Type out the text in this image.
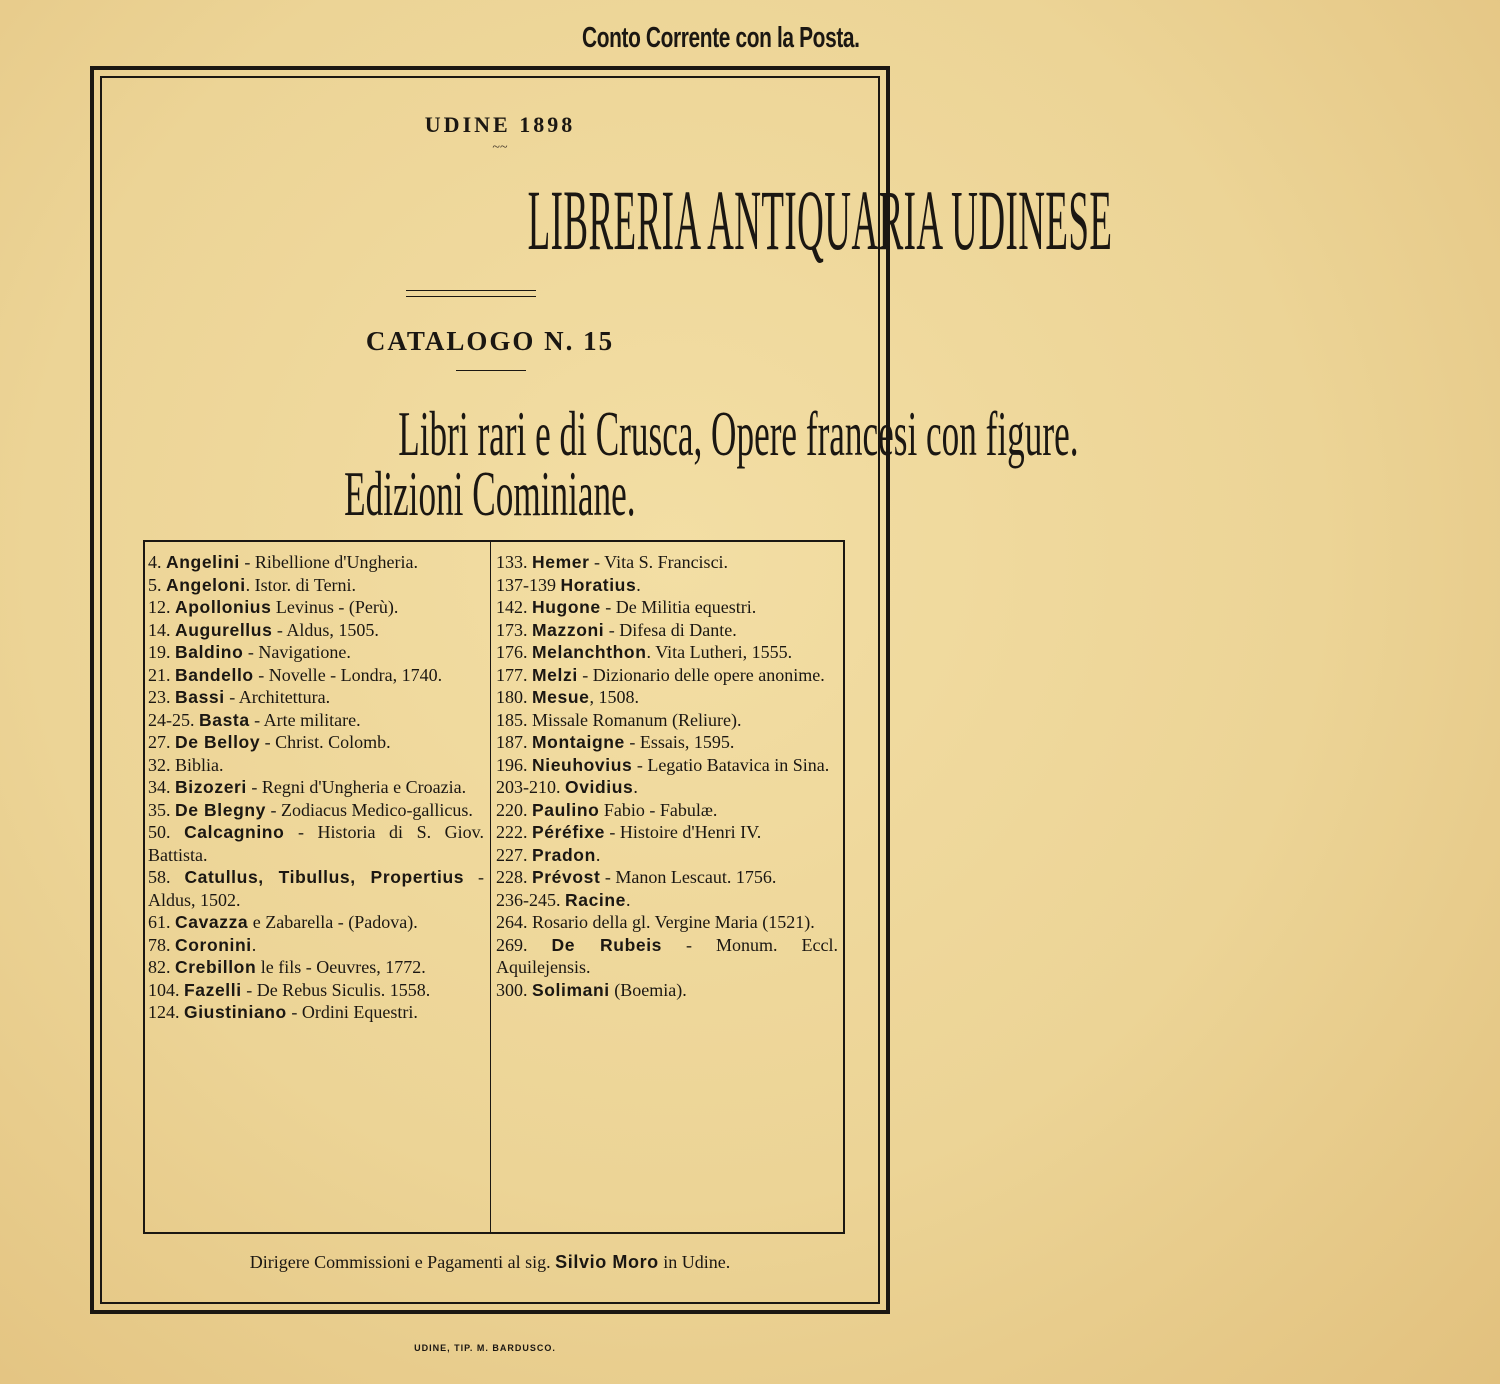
Conto Corrente con la Posta.
UDINE 1898
~~
LIBRERIA ANTIQUARIA UDINESE
CATALOGO N. 15
Libri rari e di Crusca, Opere francesi con figure.
Edizioni Cominiane.
4. Angelini - Ribellione d'Ungheria.
5. Angeloni. Istor. di Terni.
12. Apollonius Levinus - (Perù).
14. Augurellus - Aldus, 1505.
19. Baldino - Navigatione.
21. Bandello - Novelle - Londra, 1740.
23. Bassi - Architettura.
24-25. Basta - Arte militare.
27. De Belloy - Christ. Colomb.
32. Biblia.
34. Bizozeri - Regni d'Ungheria e Croazia.
35. De Blegny - Zodiacus Medico-gallicus.
50. Calcagnino - Historia di S. Giov. Battista.
58. Catullus, Tibullus, Propertius - Aldus, 1502.
61. Cavazza e Zabarella - (Padova).
78. Coronini.
82. Crebillon le fils - Oeuvres, 1772.
104. Fazelli - De Rebus Siculis. 1558.
124. Giustiniano - Ordini Equestri.
133. Hemer - Vita S. Francisci.
137-139 Horatius.
142. Hugone - De Militia equestri.
173. Mazzoni - Difesa di Dante.
176. Melanchthon. Vita Lutheri, 1555.
177. Melzi - Dizionario delle opere anonime.
180. Mesue, 1508.
185. Missale Romanum (Reliure).
187. Montaigne - Essais, 1595.
196. Nieuhovius - Legatio Batavica in Sina.
203-210. Ovidius.
220. Paulino Fabio - Fabulæ.
222. Péréfixe - Histoire d'Henri IV.
227. Pradon.
228. Prévost - Manon Lescaut. 1756.
236-245. Racine.
264. Rosario della gl. Vergine Maria (1521).
269. De Rubeis - Monum. Eccl. Aquilejensis.
300. Solimani (Boemia).
Dirigere Commissioni e Pagamenti al sig. Silvio Moro in Udine.
UDINE, TIP. M. BARDUSCO.
